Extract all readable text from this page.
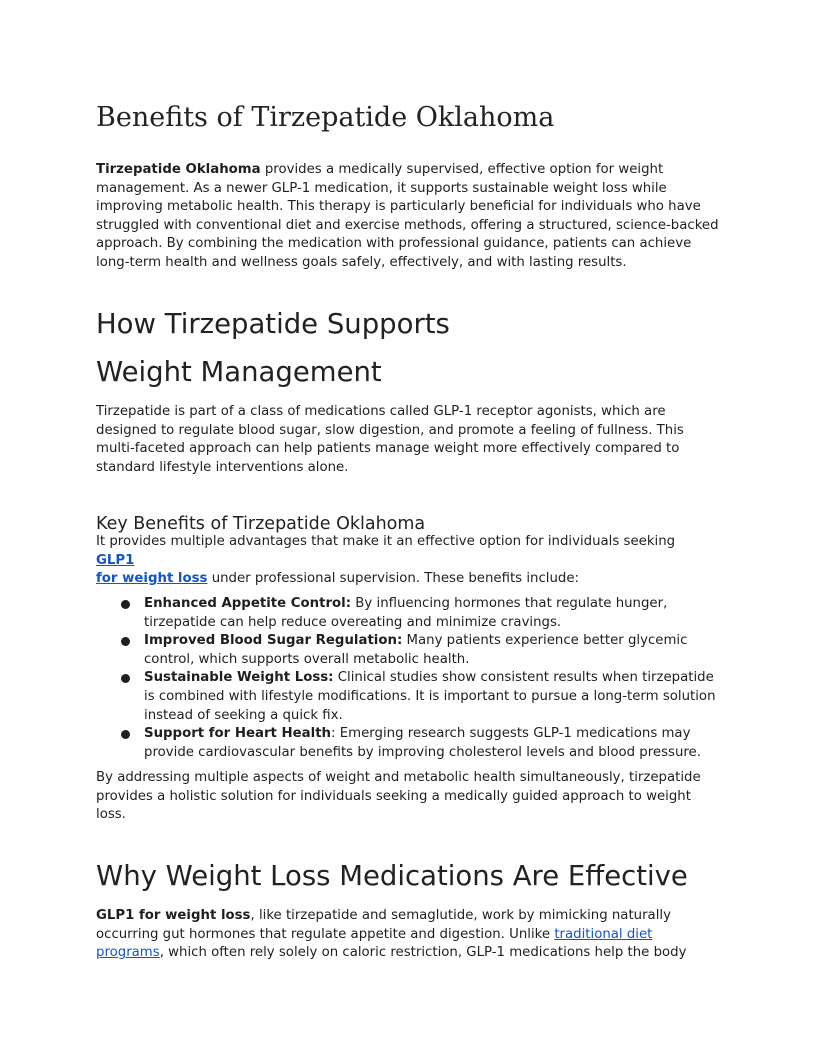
Benefits of Tirzepatide Oklahoma

Tirzepatide Oklahoma provides a medically supervised, effective option for weight management. As a newer GLP-1 medication, it supports sustainable weight loss while improving metabolic health. This therapy is particularly beneficial for individuals who have struggled with conventional diet and exercise methods, offering a structured, science-backed approach. By combining the medication with professional guidance, patients can achieve long-term health and wellness goals safely, effectively, and with lasting results.

How Tirzepatide Supports
Weight Management

Tirzepatide is part of a class of medications called GLP-1 receptor agonists, which are designed to regulate blood sugar, slow digestion, and promote a feeling of fullness. This multi-faceted approach can help patients manage weight more effectively compared to standard lifestyle interventions alone.

Key Benefits of Tirzepatide Oklahoma

It provides multiple advantages that make it an effective option for individuals seeking
GLP1
for weight loss under professional supervision. These benefits include:

Enhanced Appetite Control: By influencing hormones that regulate hunger, tirzepatide can help reduce overeating and minimize cravings.
Improved Blood Sugar Regulation: Many patients experience better glycemic control, which supports overall metabolic health.
Sustainable Weight Loss: Clinical studies show consistent results when tirzepatide is combined with lifestyle modifications. It is important to pursue a long-term solution instead of seeking a quick fix.
Support for Heart Health: Emerging research suggests GLP-1 medications may provide cardiovascular benefits by improving cholesterol levels and blood pressure.

By addressing multiple aspects of weight and metabolic health simultaneously, tirzepatide provides a holistic solution for individuals seeking a medically guided approach to weight loss.

Why Weight Loss Medications Are Effective

GLP1 for weight loss, like tirzepatide and semaglutide, work by mimicking naturally occurring gut hormones that regulate appetite and digestion. Unlike traditional diet programs, which often rely solely on caloric restriction, GLP-1 medications help the body
